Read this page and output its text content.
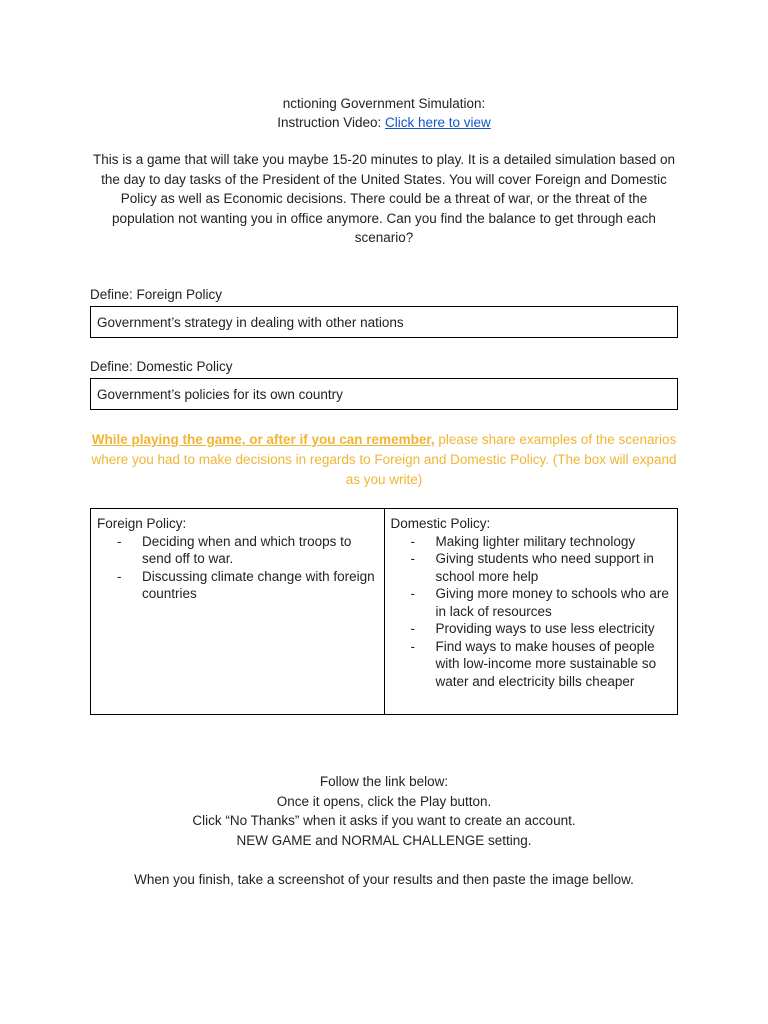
nctioning Government Simulation:
Instruction Video: Click here to view
This is a game that will take you maybe 15-20 minutes to play. It is a detailed simulation based on the day to day tasks of the President of the United States. You will cover Foreign and Domestic Policy as well as Economic decisions. There could be a threat of war, or the threat of the population not wanting you in office anymore. Can you find the balance to get through each scenario?
Define: Foreign Policy
Government’s strategy in dealing with other nations
Define: Domestic Policy
Government’s policies for its own country
While playing the game, or after if you can remember, please share examples of the scenarios where you had to make decisions in regards to Foreign and Domestic Policy. (The box will expand as you write)
Foreign Policy:
- Deciding when and which troops to send off to war.
- Discussing climate change with foreign countries
Domestic Policy:
- Making lighter military technology
- Giving students who need support in school more help
- Giving more money to schools who are in lack of resources
- Providing ways to use less electricity
- Find ways to make houses of people with low-income more sustainable so water and electricity bills cheaper
Follow the link below:
Once it opens, click the Play button.
Click “No Thanks” when it asks if you want to create an account.
NEW GAME and NORMAL CHALLENGE setting.
When you finish, take a screenshot of your results and then paste the image bellow.
